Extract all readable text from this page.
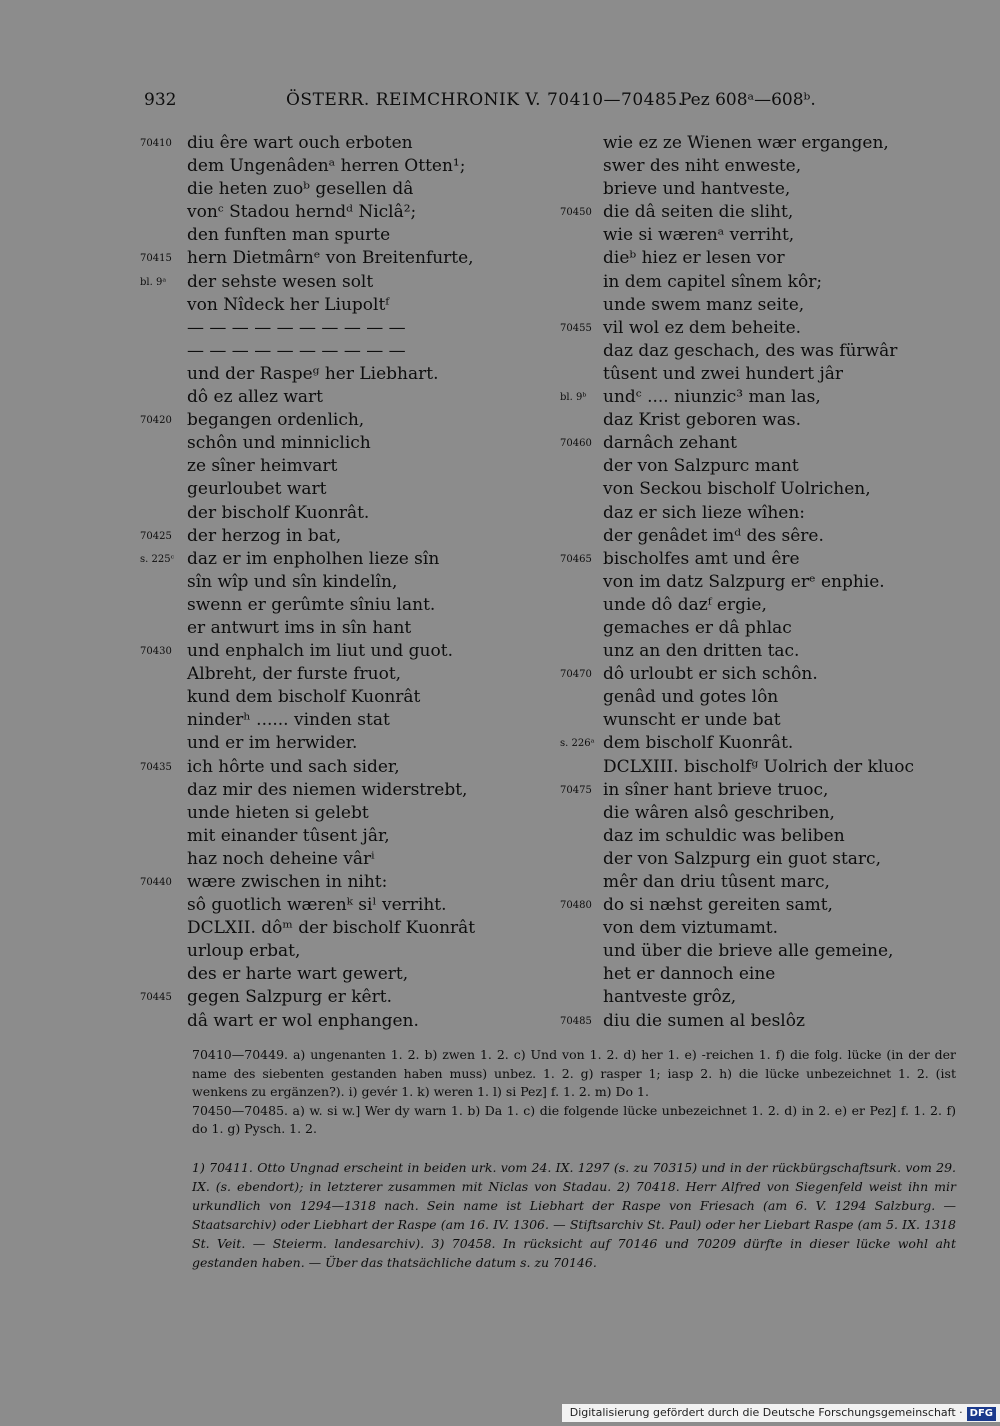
932	ÖSTERR. REIMCHRONIK V. 70410—70485.
Pez 608ᵃ—608ᵇ.
70410 diu êre wart ouch erboten
dem Ungenâdenᵃ herren Otten¹;
die heten zuoᵇ gesellen dâ
vonᶜ Stadou herndᵈ Niclâ²;
den funften man spurte
70415 hern Dietmârnᵉ von Breitenfurte,
bl. 9ᵃ	der sehste wesen solt
von Nîdeck her Liupoltᶠ
— — — — — — — — — —
— — — — — — — — — —
und der Raspeᵍ her Liebhart.
dô ez allez wart
70420 begangen ordenlich,
schôn und minniclich
ze sîner heimvart
geurloubet wart
der bischolf Kuonrât.
70425 der herzog in bat,
s. 225ᶜ daz er im enpholhen lieze sîn
sîn wîp und sîn kindelîn,
swenn er gerûmte sîniu lant.
er antwurt ims in sîn hant
70430 und enphalch im liut und guot.
Albreht, der furste fruot,
kund dem bischolf Kuonrât
ninderʰ ...... vinden stat
und er im herwider.
70435 ich hôrte und sach sider,
daz mir des niemen widerstrebt,
unde hieten si gelebt
mit einander tûsent jâr,
haz noch deheine vârⁱ
70440 wære zwischen in niht:
sô guotlich wærenᵏ siˡ verriht.
DCLXII. dôᵐ der bischolf Kuonrât
urloup erbat,
des er harte wart gewert,
70445 gegen Salzpurg er kêrt.
dâ wart er wol enphangen.
wie ez ze Wienen wær ergangen,
swer des niht enweste,
brieve und hantveste,
70450 die dâ seiten die sliht,
wie si wærenᵃ verriht,
dieᵇ hiez er lesen vor
in dem capitel sînem kôr;
unde swem manz seite,
70455 vil wol ez dem beheite.
daz daz geschach, des was fürwâr
tûsent und zwei hundert jâr
bl. 9ᵇ undᶜ .... niunzic³ man las,
daz Krist geboren was.
70460 darnâch zehant
der von Salzpurc mant
von Seckou bischolf Uolrichen,
daz er sich lieze wîhen:
der genâdet imᵈ des sêre.
70465 bischolfes amt und êre
von im datz Salzpurg erᵉ enphie.
unde dô dazᶠ ergie,
gemaches er dâ phlac
unz an den dritten tac.
70470 dô urloubt er sich schôn.
genâd und gotes lôn
wunscht er unde bat
s. 226ᵃ dem bischolf Kuonrât.
DCLXIII. bischolfᵍ Uolrich der kluoc
70475 in sîner hant brieve truoc,
die wâren alsô geschriben,
daz im schuldic was beliben
der von Salzpurg ein guot starc,
mêr dan driu tûsent marc,
70480 do si næhst gereiten samt,
von dem viztumamt.
und über die brieve alle gemeine,
het er dannoch eine
hantveste grôz,
70485 diu die sumen al beslôz

70410—70449. a) ungenanten 1. 2. b) zwen 1. 2. c) Und von 1. 2. d) her 1. e) -reichen 1. f) die folg. lücke (in der der name des siebenten gestanden haben muss) unbez. 1. 2. g) rasper 1; iasp 2. h) die lücke unbezeichnet 1. 2. (ist wenkens zu ergänzen?). i) gevér 1. k) weren 1. l) si Pez] f. 1. 2. m) Do 1.

70450—70485. a) w. si w.] Wer dy warn 1. b) Da 1. c) die folgende lücke unbezeichnet 1. 2. d) in 2. e) er Pez] f. 1. 2. f) do 1. g) Pysch. 1. 2.

1) 70411. Otto Ungnad erscheint in beiden urk. vom 24. IX. 1297 (s. zu 70315) und in der rückbürgschaftsurk. vom 29. IX. (s. ebendort); in letzterer zusammen mit Niclas von Stadau. 2) 70418. Herr Alfred von Siegenfeld weist ihn mir urkundlich von 1294—1318 nach. Sein name ist Liebhart der Raspe von Friesach (am 6. V. 1294 Salzburg. — Staatsarchiv) oder Liebhart der Raspe (am 16. IV. 1306. — Stiftsarchiv St. Paul) oder her Liebart Raspe (am 5. IX. 1318 St. Veit. — Steierm. landesarchiv). 3) 70458. In rücksicht auf 70146 und 70209 dürfte in dieser lücke wohl aht gestanden haben. — Über das thatsächliche datum s. zu 70146.

Digitalisierung gefördert durch die Deutsche Forschungsgemeinschaft · DFG
